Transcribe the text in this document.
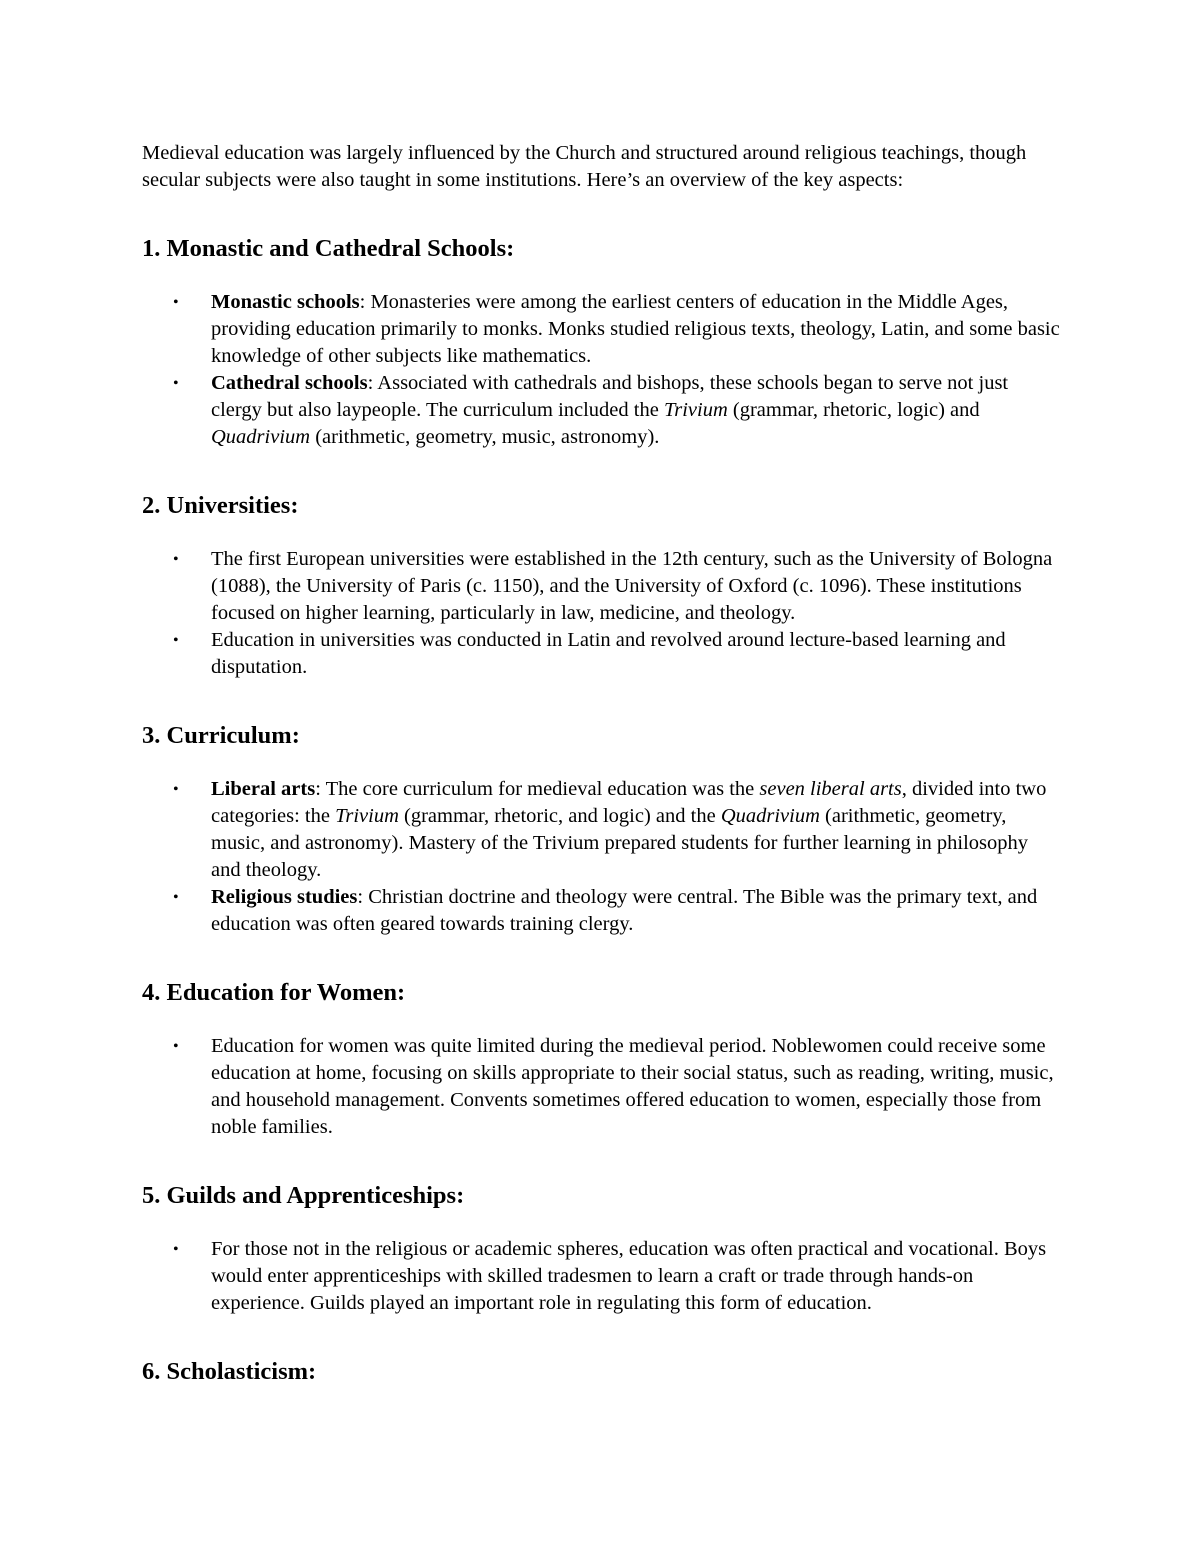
Medieval education was largely influenced by the Church and structured around religious teachings, though secular subjects were also taught in some institutions. Here’s an overview of the key aspects:

1. Monastic and Cathedral Schools:
• Monastic schools: Monasteries were among the earliest centers of education in the Middle Ages, providing education primarily to monks. Monks studied religious texts, theology, Latin, and some basic knowledge of other subjects like mathematics.
• Cathedral schools: Associated with cathedrals and bishops, these schools began to serve not just clergy but also laypeople. The curriculum included the Trivium (grammar, rhetoric, logic) and Quadrivium (arithmetic, geometry, music, astronomy).
2. Universities:
• The first European universities were established in the 12th century, such as the University of Bologna (1088), the University of Paris (c. 1150), and the University of Oxford (c. 1096). These institutions focused on higher learning, particularly in law, medicine, and theology.
• Education in universities was conducted in Latin and revolved around lecture-based learning and disputation.
3. Curriculum:
• Liberal arts: The core curriculum for medieval education was the seven liberal arts, divided into two categories: the Trivium (grammar, rhetoric, and logic) and the Quadrivium (arithmetic, geometry, music, and astronomy). Mastery of the Trivium prepared students for further learning in philosophy and theology.
• Religious studies: Christian doctrine and theology were central. The Bible was the primary text, and education was often geared towards training clergy.
4. Education for Women:
• Education for women was quite limited during the medieval period. Noblewomen could receive some education at home, focusing on skills appropriate to their social status, such as reading, writing, music, and household management. Convents sometimes offered education to women, especially those from noble families.
5. Guilds and Apprenticeships:
• For those not in the religious or academic spheres, education was often practical and vocational. Boys would enter apprenticeships with skilled tradesmen to learn a craft or trade through hands-on experience. Guilds played an important role in regulating this form of education.
6. Scholasticism:
